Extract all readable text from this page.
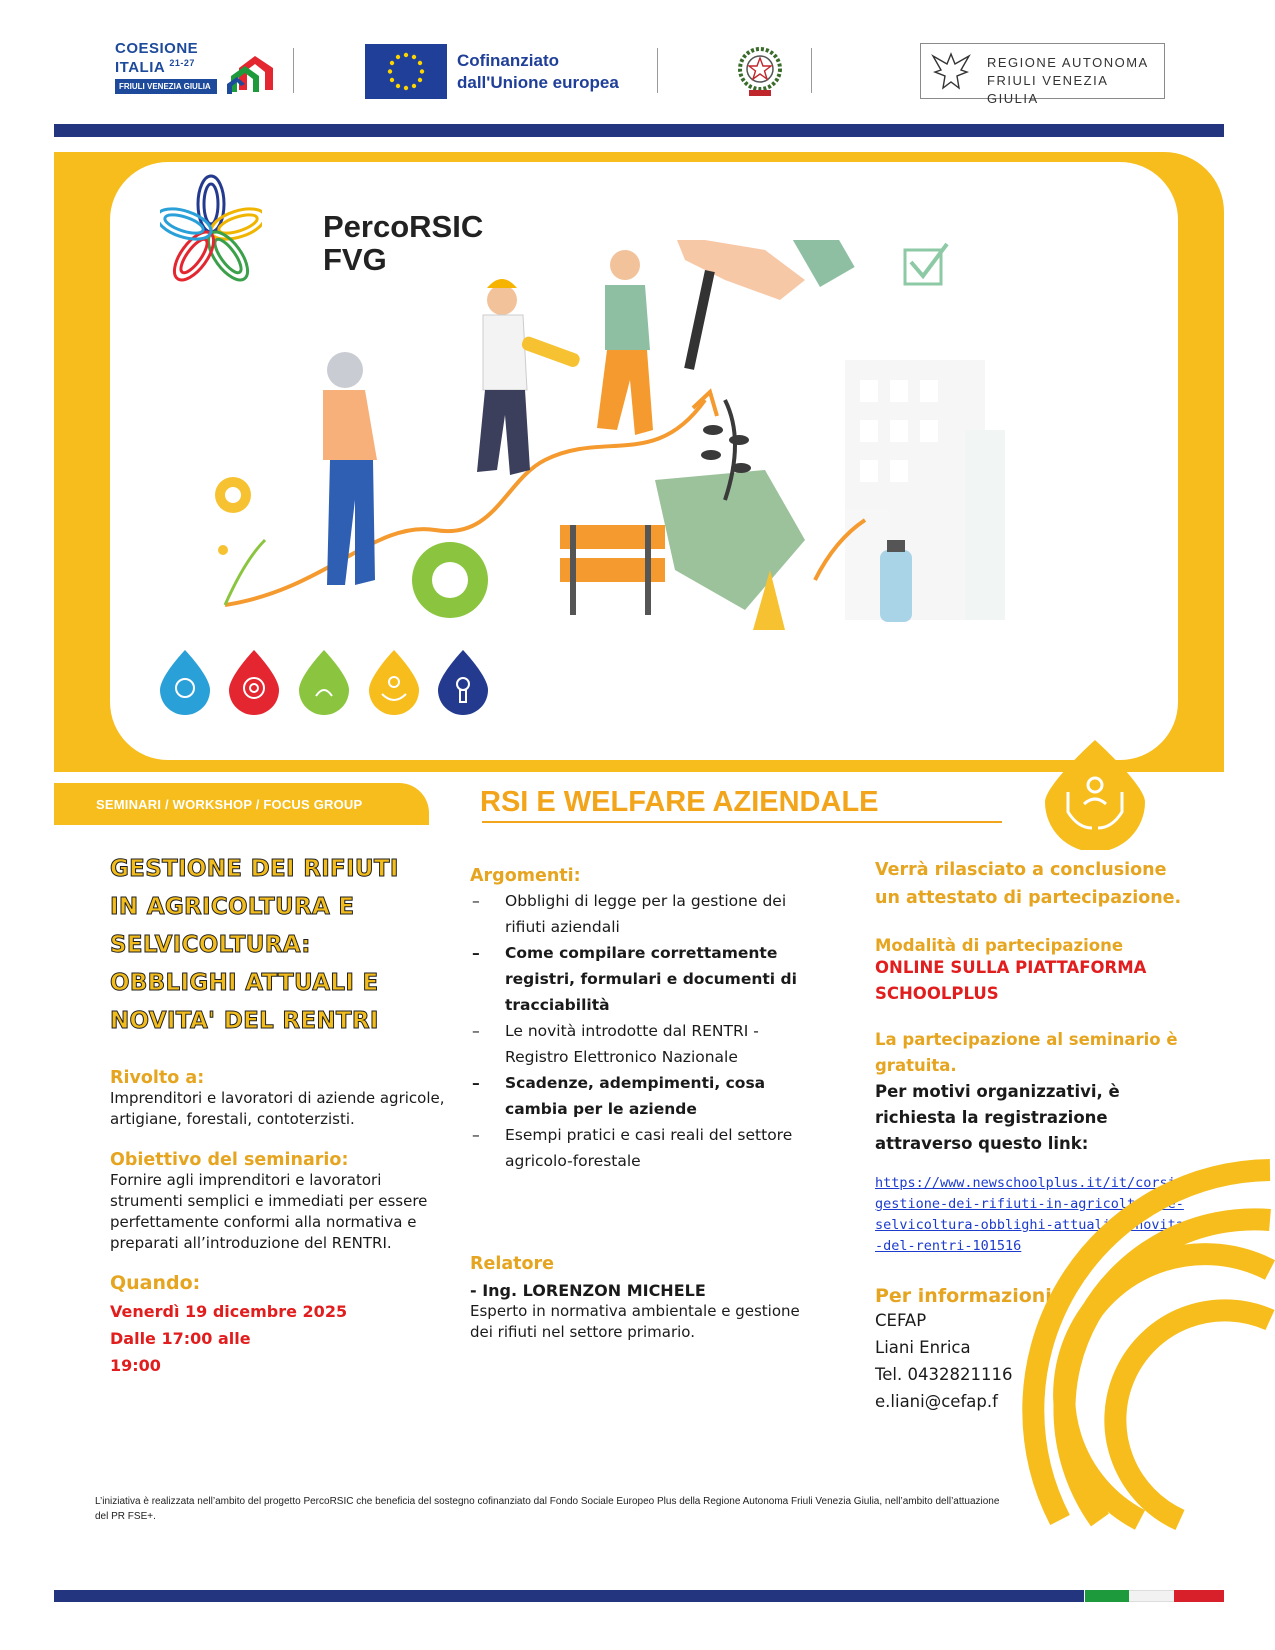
COESIONE
ITALIA $^{21-27}$
FRIULI VENEZIA GIULIA
Cofinanziato
dall'Unione europea
REGIONE AUTONOMA
FRIULI VENEZIA GIULIA
PercoRSIC
FVG
SEMINARI / WORKSHOP / FOCUS GROUP	RSI E WELFARE AZIENDALE
GESTIONE DEI RIFIUTI
IN AGRICOLTURA E
SELVICOLTURA:
OBBLIGHI ATTUALI E
NOVITA' DEL RENTRI
Rivolto a:
Imprenditori e lavoratori di aziende agricole, artigiane, forestali, contoterzisti.
Obiettivo del seminario:
Fornire agli imprenditori e lavoratori strumenti semplici e immediati per essere perfettamente conformi alla normativa e preparati all’introduzione del RENTRI.
Quando:
Venerdì 19 dicembre 2025
Dalle 17:00 alle
19:00
Argomenti:
– Obblighi di legge per la gestione dei rifiuti aziendali
– Come compilare correttamente registri, formulari e documenti di tracciabilità
– Le novità introdotte dal RENTRI - Registro Elettronico Nazionale
– Scadenze, adempimenti, cosa cambia per le aziende
– Esempi pratici e casi reali del settore agricolo-forestale
Relatore
- Ing. LORENZON MICHELE
Esperto in normativa ambientale e gestione dei rifiuti nel settore primario.
Verrà rilasciato a conclusione un attestato di partecipazione.
Modalità di partecipazione
ONLINE SULLA PIATTAFORMA SCHOOLPLUS
La partecipazione al seminario è gratuita.
Per motivi organizzativi, è richiesta la registrazione attraverso questo link:
https://www.newschoolplus.it/it/corsi/gestione-dei-rifiuti-in-agricoltura-e-selvicoltura-obblighi-attuali-e-novita-del-rentri-101516
Per informazioni
CEFAP
Liani Enrica
Tel. 0432821116
e.liani@cefap.f
L’iniziativa è realizzata nell’ambito del progetto PercoRSIC che beneficia del sostegno cofinanziato dal Fondo Sociale Europeo Plus della Regione Autonoma Friuli Venezia Giulia, nell’ambito dell’attuazione del PR FSE+.
